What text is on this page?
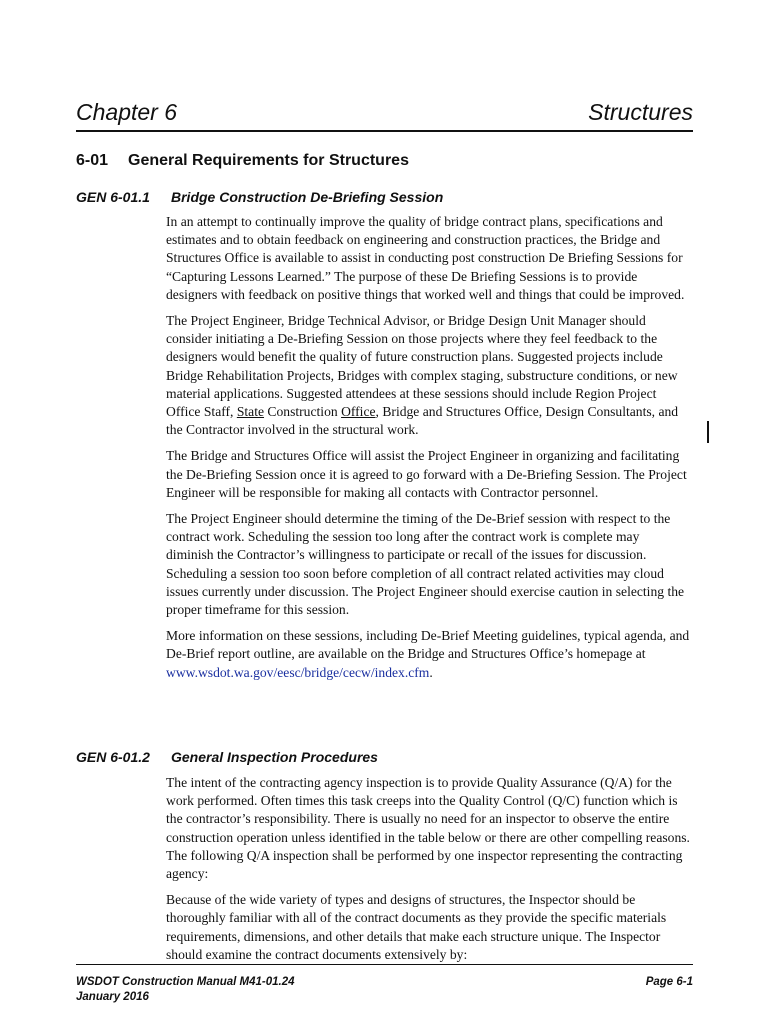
Chapter 6	Structures
6-01 General Requirements for Structures
GEN 6-01.1 Bridge Construction De-Briefing Session

In an attempt to continually improve the quality of bridge contract plans, specifications and estimates and to obtain feedback on engineering and construction practices, the Bridge and Structures Office is available to assist in conducting post construction De Briefing Sessions for “Capturing Lessons Learned.” The purpose of these De Briefing Sessions is to provide designers with feedback on positive things that worked well and things that could be improved.

The Project Engineer, Bridge Technical Advisor, or Bridge Design Unit Manager should consider initiating a De-Briefing Session on those projects where they feel feedback to the designers would benefit the quality of future construction plans. Suggested projects include Bridge Rehabilitation Projects, Bridges with complex staging, substructure conditions, or new material applications. Suggested attendees at these sessions should include Region Project Office Staff, State Construction Office, Bridge and Structures Office, Design Consultants, and the Contractor involved in the structural work.

The Bridge and Structures Office will assist the Project Engineer in organizing and facilitating the De-Briefing Session once it is agreed to go forward with a De-Briefing Session. The Project Engineer will be responsible for making all contacts with Contractor personnel.

The Project Engineer should determine the timing of the De-Brief session with respect to the contract work. Scheduling the session too long after the contract work is complete may diminish the Contractor’s willingness to participate or recall of the issues for discussion. Scheduling a session too soon before completion of all contract related activities may cloud issues currently under discussion. The Project Engineer should exercise caution in selecting the proper timeframe for this session.

More information on these sessions, including De-Brief Meeting guidelines, typical agenda, and De-Brief report outline, are available on the Bridge and Structures Office’s homepage at www.wsdot.wa.gov/eesc/bridge/cecw/index.cfm.

GEN 6-01.2 General Inspection Procedures

The intent of the contracting agency inspection is to provide Quality Assurance (Q/A) for the work performed. Often times this task creeps into the Quality Control (Q/C) function which is the contractor’s responsibility. There is usually no need for an inspector to observe the entire construction operation unless identified in the table below or there are other compelling reasons. The following Q/A inspection shall be performed by one inspector representing the contracting agency:

Because of the wide variety of types and designs of structures, the Inspector should be thoroughly familiar with all of the contract documents as they provide the specific materials requirements, dimensions, and other details that make each structure unique. The Inspector should examine the contract documents extensively by:

WSDOT Construction Manual M41-01.24
January 2016
Page 6-1
